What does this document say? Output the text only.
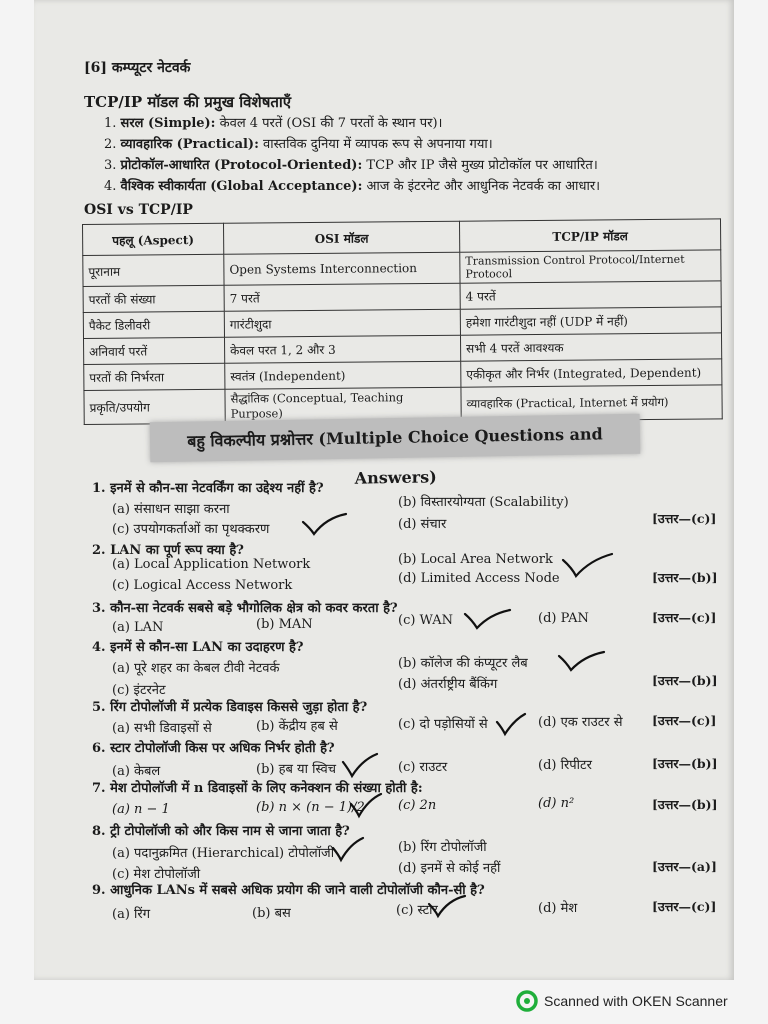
[6] कम्प्यूटर नेटवर्क
TCP/IP मॉडल की प्रमुख विशेषताएँ
1. सरल (Simple): केवल 4 परतें (OSI की 7 परतों के स्थान पर)।
2. व्यावहारिक (Practical): वास्तविक दुनिया में व्यापक रूप से अपनाया गया।
3. प्रोटोकॉल-आधारित (Protocol-Oriented): TCP और IP जैसे मुख्य प्रोटोकॉल पर आधारित।
4. वैश्विक स्वीकार्यता (Global Acceptance): आज के इंटरनेट और आधुनिक नेटवर्क का आधार।
OSI vs TCP/IP
पहलू (Aspect)	OSI मॉडल	TCP/IP मॉडल
पूरानाम	Open Systems Interconnection	Transmission Control Protocol/Internet Protocol
परतों की संख्या	7 परतें	4 परतें
पैकेट डिलीवरी	गारंटीशुदा	हमेशा गारंटीशुदा नहीं (UDP में नहीं)
अनिवार्य परतें	केवल परत 1, 2 और 3	सभी 4 परतें आवश्यक
परतों की निर्भरता	स्वतंत्र (Independent)	एकीकृत और निर्भर (Integrated, Dependent)
प्रकृति/उपयोग	सैद्धांतिक (Conceptual, Teaching Purpose)	व्यावहारिक (Practical, Internet में प्रयोग)
बहु विकल्पीय प्रश्नोत्तर (Multiple Choice Questions and Answers)
1. इनमें से कौन-सा नेटवर्किंग का उद्देश्य नहीं है?
(a) संसाधन साझा करना	(b) विस्तारयोग्यता (Scalability)
(c) उपयोगकर्ताओं का पृथक्करण	(d) संचार	[उत्तर—(c)]
2. LAN का पूर्ण रूप क्या है?
(a) Local Application Network	(b) Local Area Network
(c) Logical Access Network	(d) Limited Access Node	[उत्तर—(b)]
3. कौन-सा नेटवर्क सबसे बड़े भौगोलिक क्षेत्र को कवर करता है?
(a) LAN	(b) MAN	(c) WAN	(d) PAN	[उत्तर—(c)]
4. इनमें से कौन-सा LAN का उदाहरण है?
(a) पूरे शहर का केबल टीवी नेटवर्क	(b) कॉलेज की कंप्यूटर लैब
(c) इंटरनेट	(d) अंतर्राष्ट्रीय बैंकिंग	[उत्तर—(b)]
5. रिंग टोपोलॉजी में प्रत्येक डिवाइस किससे जुड़ा होता है?
(a) सभी डिवाइसों से	(b) केंद्रीय हब से	(c) दो पड़ोसियों से	(d) एक राउटर से [उत्तर—(c)]
6. स्टार टोपोलॉजी किस पर अधिक निर्भर होती है?
(a) केबल	(b) हब या स्विच	(c) राउटर	(d) रिपीटर	[उत्तर—(b)]
7. मेश टोपोलॉजी में n डिवाइसों के लिए कनेक्शन की संख्या होती है:
(a) n − 1	(b) n × (n − 1)/2	(c) 2n	(d) n²	[उत्तर—(b)]
8. ट्री टोपोलॉजी को और किस नाम से जाना जाता है?
(a) पदानुक्रमित (Hierarchical) टोपोलॉजी	(b) रिंग टोपोलॉजी
(c) मेश टोपोलॉजी	(d) इनमें से कोई नहीं	[उत्तर—(a)]
9. आधुनिक LANs में सबसे अधिक प्रयोग की जाने वाली टोपोलॉजी कौन-सी है?
(a) रिंग	(b) बस	(c) स्टार	(d) मेश	[उत्तर—(c)]
Scanned with OKEN Scanner
